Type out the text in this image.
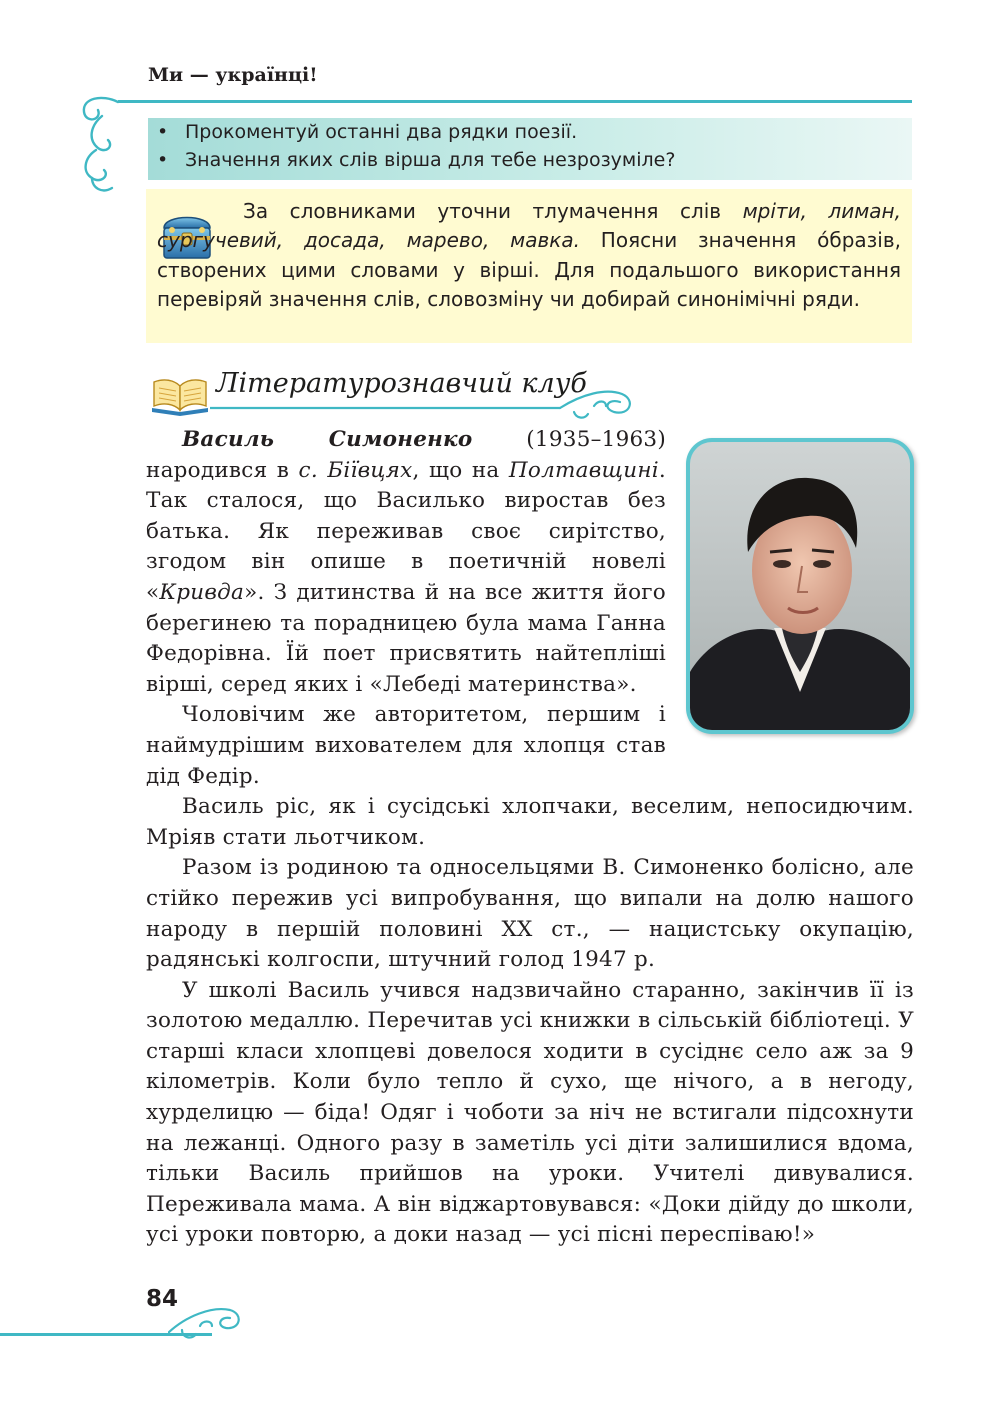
Ми — українці!
• Прокоментуй останні два рядки поезії.
• Значення яких слів вірша для тебе незрозуміле?
За словниками уточни тлумачення слів мріти, лиман, сургучевий, досада, марево, мавка. Поясни значення о́бразів, створених цими словами у вірші. Для подальшого використання перевіряй значення слів, словозміну чи добирай синонімічні ряди.
Літературознавчий клуб

Василь Симоненко (1935–1963) народився в с. Біївцях, що на Полтавщині. Так сталося, що Василько виростав без батька. Як переживав своє сирітство, згодом він опише в поетичній новелі «Кривда». З дитинства й на все життя його берегинею та порадницею була мама Ганна Федорівна. Їй поет присвятить найтепліші вірші, серед яких і «Лебеді материнства».

Чоловічим же авторитетом, першим і наймудрішим вихователем для хлопця став дід Федір.

Василь ріс, як і сусідські хлопчаки, веселим, непосидючим. Мріяв стати льотчиком.

Разом із родиною та односельцями В. Симоненко болісно, але стійко пережив усі випробування, що випали на долю нашого народу в першій половині XX ст., — нацистську окупацію, радянські колгоспи, штучний голод 1947 р.

У школі Василь учився надзвичайно старанно, закінчив її із золотою медаллю. Перечитав усі книжки в сільській бібліотеці. У старші класи хлопцеві довелося ходити в сусіднє село аж за 9 кілометрів. Коли було тепло й сухо, ще нічого, а в негоду, хурделицю — біда! Одяг і чоботи за ніч не встигали підсохнути на лежанці. Одного разу в заметіль усі діти залишилися вдома, тільки Василь прийшов на уроки. Учителі дивувалися. Переживала мама. А він віджартовувався: «Доки дійду до школи, усі уроки повторю, а доки назад — усі пісні переспіваю!»

84
